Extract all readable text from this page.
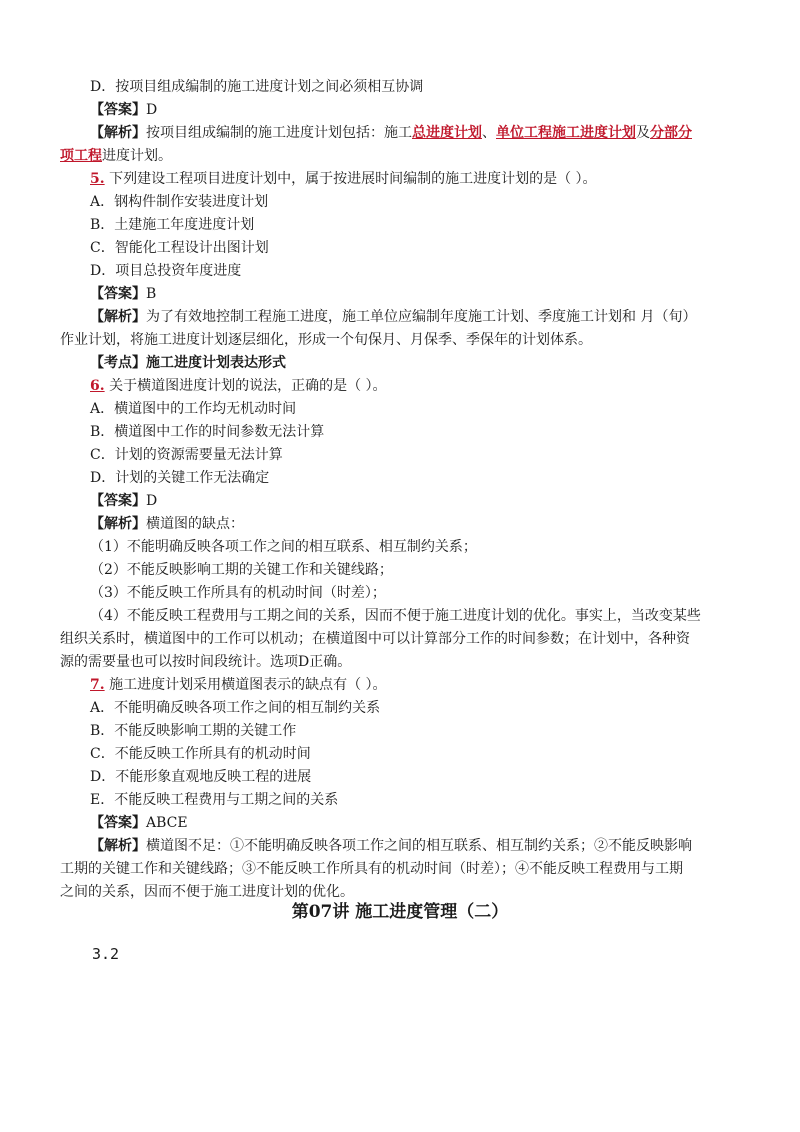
D．按项目组成编制的施工进度计划之间必须相互协调
【答案】D
【解析】按项目组成编制的施工进度计划包括：施工总进度计划、单位工程施工进度计划及分部分
项工程进度计划。
5. 下列建设工程项目进度计划中，属于按进展时间编制的施工进度计划的是（ ）。
A．钢构件制作安装进度计划
B．土建施工年度进度计划
C．智能化工程设计出图计划
D．项目总投资年度进度
【答案】B
【解析】为了有效地控制工程施工进度，施工单位应编制年度施工计划、季度施工计划和 月（旬）
作业计划，将施工进度计划逐层细化，形成一个旬保月、月保季、季保年的计划体系。
【考点】施工进度计划表达形式
6. 关于横道图进度计划的说法，正确的是（ ）。
A．横道图中的工作均无机动时间
B．横道图中工作的时间参数无法计算
C．计划的资源需要量无法计算
D．计划的关键工作无法确定
【答案】D
【解析】横道图的缺点：
（1）不能明确反映各项工作之间的相互联系、相互制约关系；
（2）不能反映影响工期的关键工作和关键线路；
（3）不能反映工作所具有的机动时间（时差）；
（4）不能反映工程费用与工期之间的关系，因而不便于施工进度计划的优化。事实上，当改变某些
组织关系时，横道图中的工作可以机动；在横道图中可以计算部分工作的时间参数；在计划中，各种资
源的需要量也可以按时间段统计。选项D正确。
7. 施工进度计划采用横道图表示的缺点有（ ）。
A．不能明确反映各项工作之间的相互制约关系
B．不能反映影响工期的关键工作
C．不能反映工作所具有的机动时间
D．不能形象直观地反映工程的进展
E．不能反映工程费用与工期之间的关系
【答案】ABCE
【解析】横道图不足：①不能明确反映各项工作之间的相互联系、相互制约关系；②不能反映影响
工期的关键工作和关键线路；③不能反映工作所具有的机动时间（时差）；④不能反映工程费用与工期
之间的关系，因而不便于施工进度计划的优化。
第07讲 施工进度管理（二）
3.2
